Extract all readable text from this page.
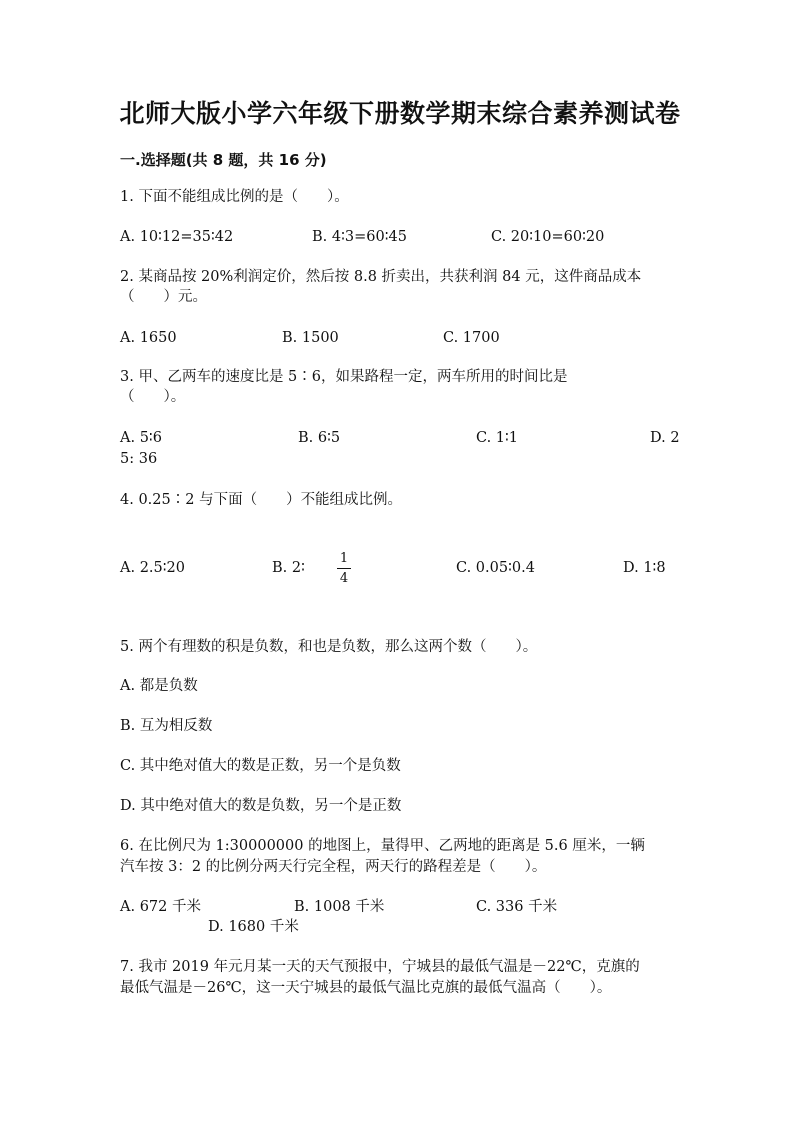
北师大版小学六年级下册数学期末综合素养测试卷
一.选择题(共 8 题，共 16 分)
1. 下面不能组成比例的是（　　）。
A. 10∶12=35∶42	B. 4∶3=60∶45	C. 20∶10=60∶20
2. 某商品按 20%利润定价，然后按 8.8 折卖出，共获利润 84 元，这件商品成本
（　　）元。
A. 1650	B. 1500	C. 1700
3. 甲、乙两车的速度比是 5∶6，如果路程一定，两车所用的时间比是
（　　）。
A. 5∶6	B. 6∶5	C. 1∶1	D. 2
5: 36
4. 0.25∶2 与下面（　　）不能组成比例。
A. 2.5∶20	B. 2∶
1
4
C. 0.05∶0.4	D. 1∶8
5. 两个有理数的积是负数，和也是负数，那么这两个数（　　）。
A. 都是负数
B. 互为相反数
C. 其中绝对值大的数是正数，另一个是负数
D. 其中绝对值大的数是负数，另一个是正数
6. 在比例尺为 1:30000000 的地图上，量得甲、乙两地的距离是 5.6 厘米，一辆
汽车按 3：2 的比例分两天行完全程，两天行的路程差是（　　）。
A. 672 千米	B. 1008 千米	C. 336 千米
D. 1680 千米
7. 我市 2019 年元月某一天的天气预报中，宁城县的最低气温是－22℃，克旗的
最低气温是－26℃，这一天宁城县的最低气温比克旗的最低气温高（　　）。
